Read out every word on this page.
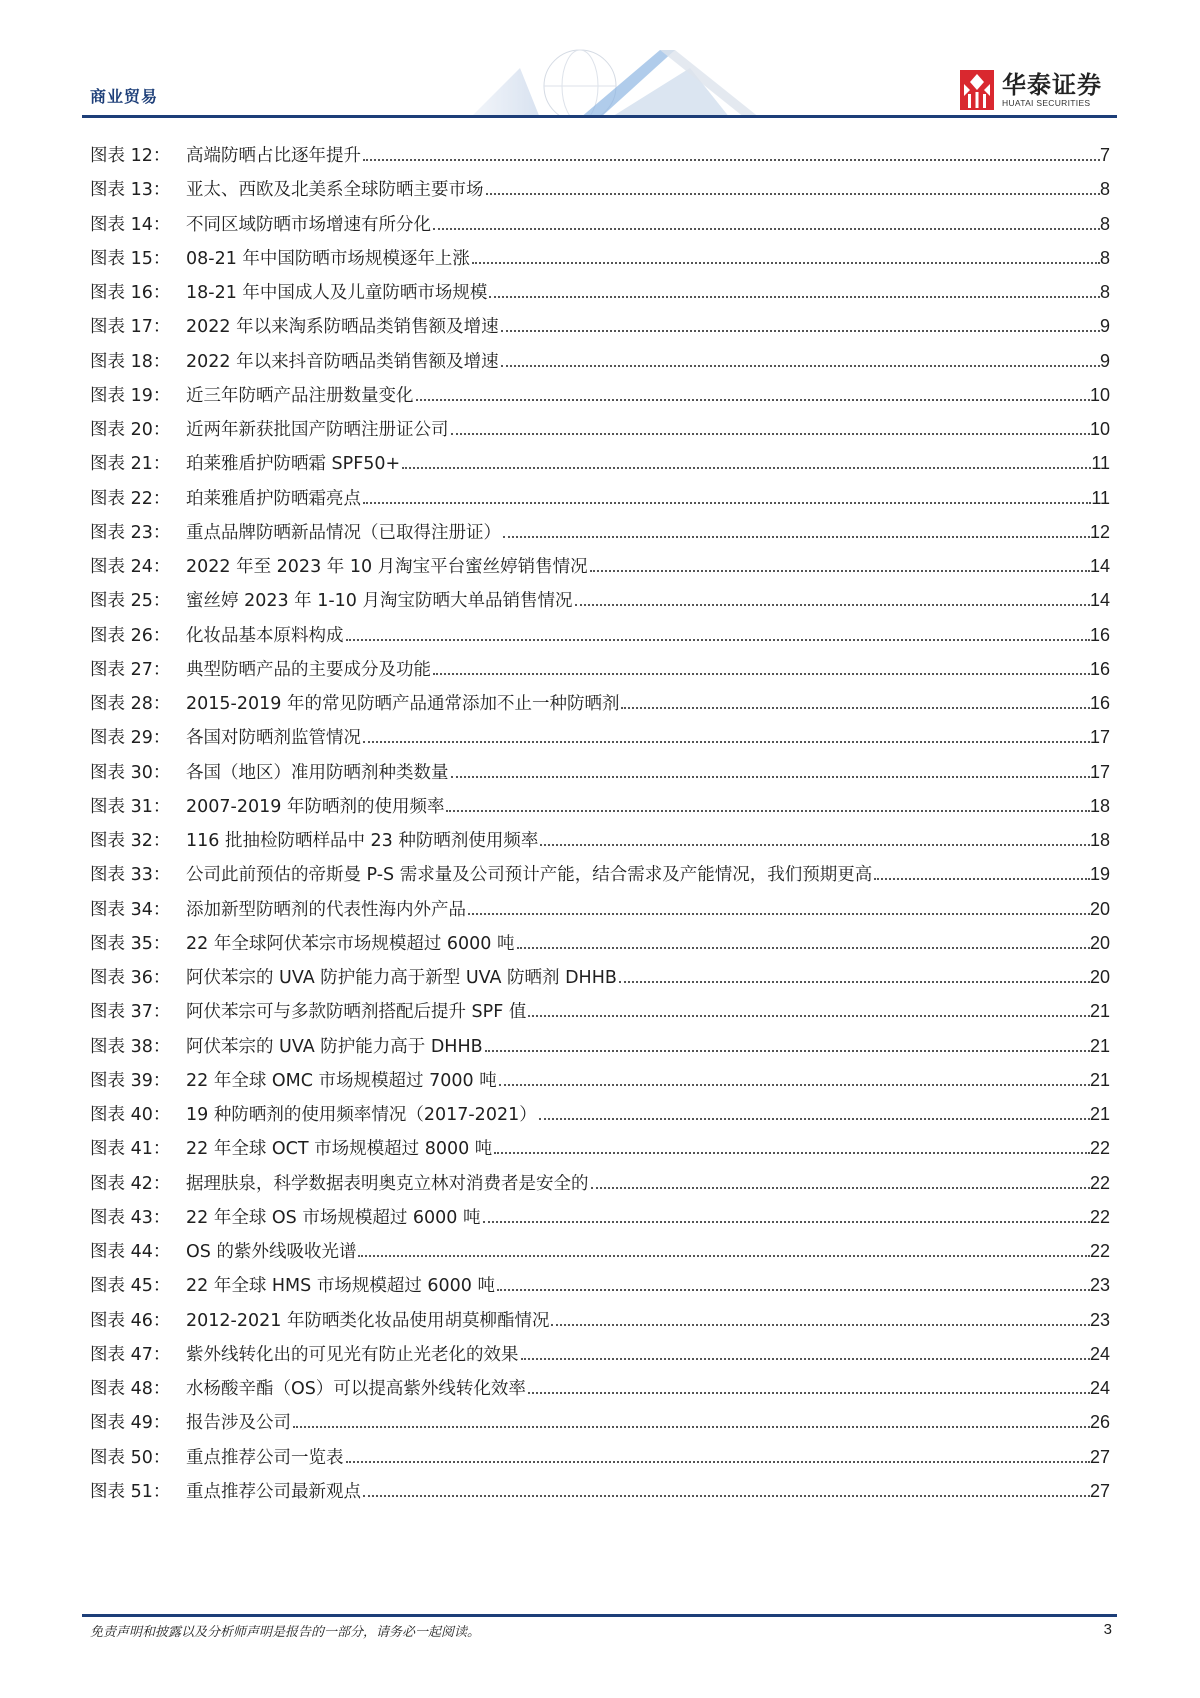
商业贸易	华泰证券
HUATAI SECURITIES
图表 12： 高端防晒占比逐年提升	7
图表 13： 亚太、西欧及北美系全球防晒主要市场	8
图表 14： 不同区域防晒市场增速有所分化	8
图表 15： 08-21 年中国防晒市场规模逐年上涨	8
图表 16： 18-21 年中国成人及儿童防晒市场规模	8
图表 17： 2022 年以来淘系防晒品类销售额及增速	9
图表 18： 2022 年以来抖音防晒品类销售额及增速	9
图表 19： 近三年防晒产品注册数量变化	10
图表 20： 近两年新获批国产防晒注册证公司	10
图表 21： 珀莱雅盾护防晒霜 SPF50+	11
图表 22： 珀莱雅盾护防晒霜亮点	11
图表 23： 重点品牌防晒新品情况（已取得注册证）	12
图表 24： 2022 年至 2023 年 10 月淘宝平台蜜丝婷销售情况	14
图表 25： 蜜丝婷 2023 年 1-10 月淘宝防晒大单品销售情况	14
图表 26： 化妆品基本原料构成	16
图表 27： 典型防晒产品的主要成分及功能	16
图表 28： 2015-2019 年的常见防晒产品通常添加不止一种防晒剂	16
图表 29： 各国对防晒剂监管情况	17
图表 30： 各国（地区）准用防晒剂种类数量	17
图表 31： 2007-2019 年防晒剂的使用频率	18
图表 32： 116 批抽检防晒样品中 23 种防晒剂使用频率	18
图表 33： 公司此前预估的帝斯曼 P-S 需求量及公司预计产能，结合需求及产能情况，我们预期更高	19
图表 34： 添加新型防晒剂的代表性海内外产品	20
图表 35： 22 年全球阿伏苯宗市场规模超过 6000 吨	20
图表 36： 阿伏苯宗的 UVA 防护能力高于新型 UVA 防晒剂 DHHB	20
图表 37： 阿伏苯宗可与多款防晒剂搭配后提升 SPF 值	21
图表 38： 阿伏苯宗的 UVA 防护能力高于 DHHB	21
图表 39： 22 年全球 OMC 市场规模超过 7000 吨	21
图表 40： 19 种防晒剂的使用频率情况（2017-2021）	21
图表 41： 22 年全球 OCT 市场规模超过 8000 吨	22
图表 42： 据理肤泉，科学数据表明奥克立林对消费者是安全的	22
图表 43： 22 年全球 OS 市场规模超过 6000 吨	22
图表 44： OS 的紫外线吸收光谱	22
图表 45： 22 年全球 HMS 市场规模超过 6000 吨	23
图表 46： 2012-2021 年防晒类化妆品使用胡莫柳酯情况	23
图表 47： 紫外线转化出的可见光有防止光老化的效果	24
图表 48： 水杨酸辛酯（OS）可以提高紫外线转化效率	24
图表 49： 报告涉及公司	26
图表 50： 重点推荐公司一览表	27
图表 51： 重点推荐公司最新观点	27
免责声明和披露以及分析师声明是报告的一部分，请务必一起阅读。	3
